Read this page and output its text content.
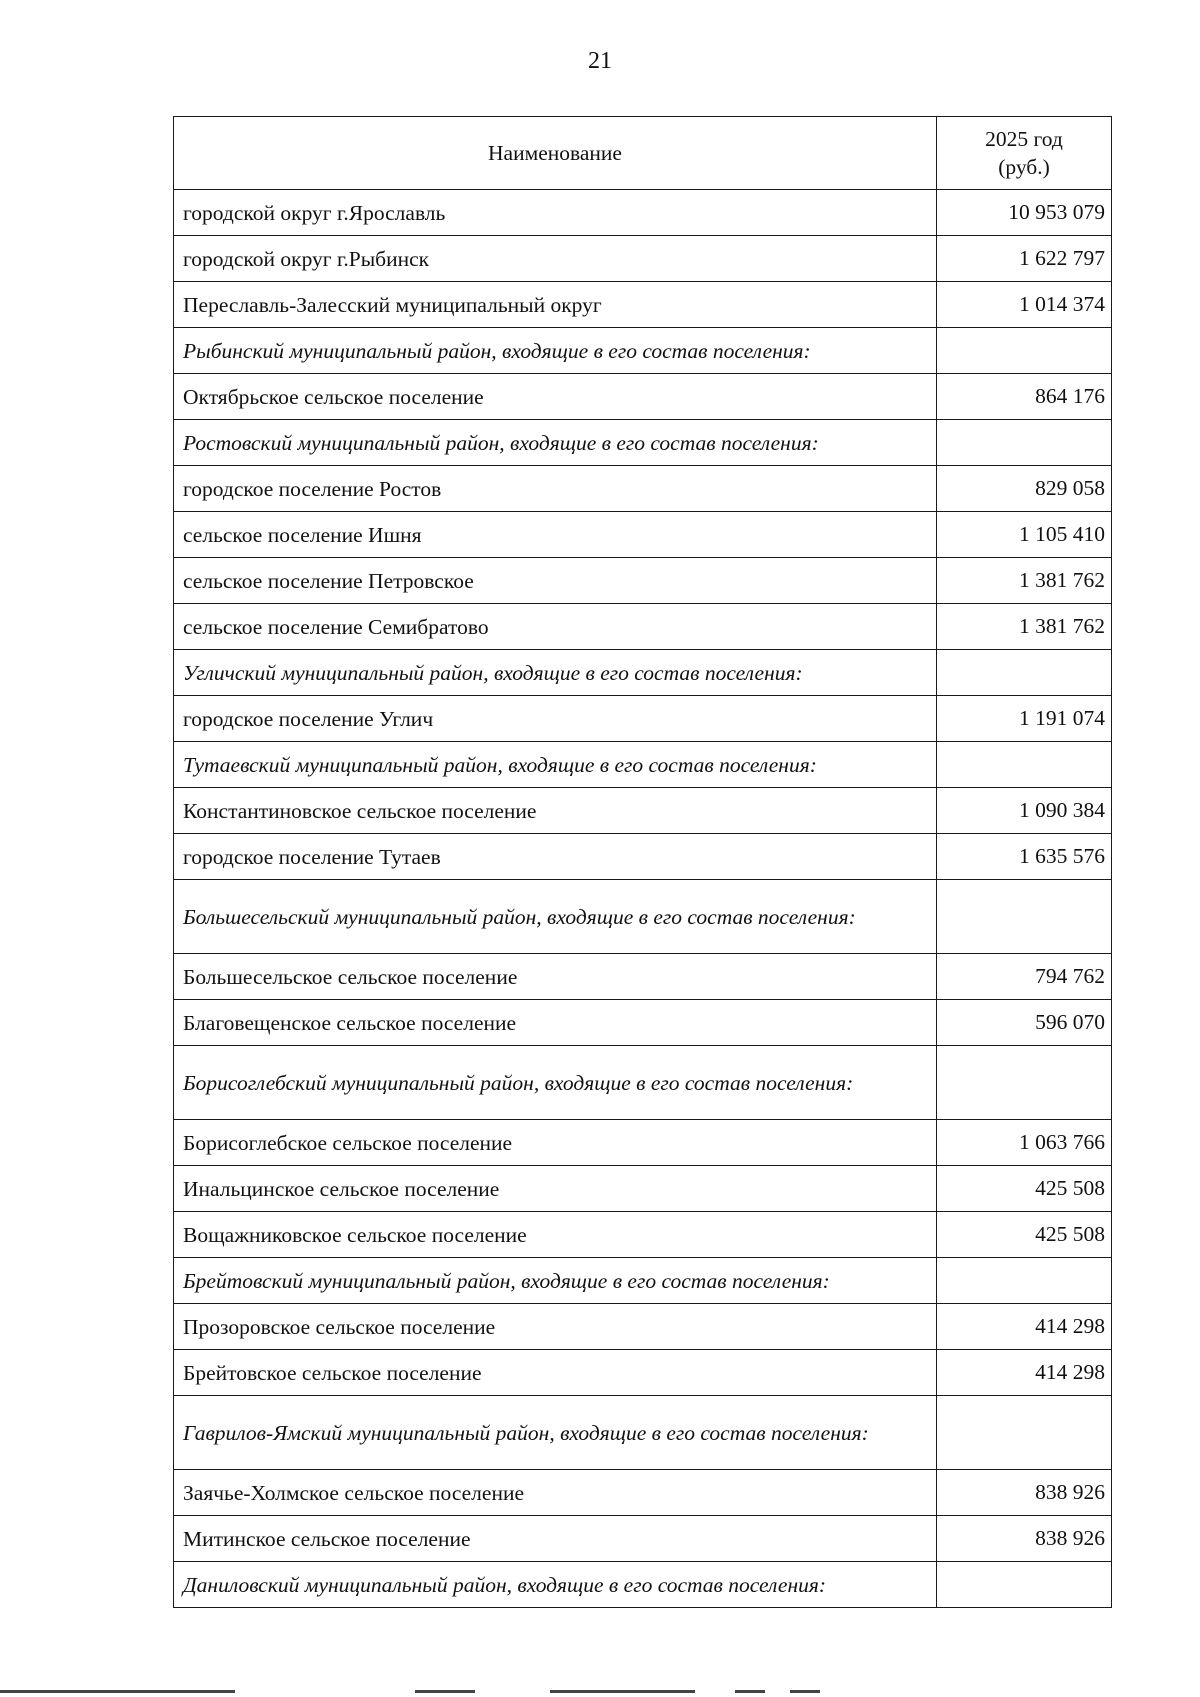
21
Наименование	2025 год
(руб.)

городской округ г.Ярославль	10 953 079
городской округ г.Рыбинск	1 622 797
Переславль-Залесский муниципальный округ	1 014 374
Рыбинский муниципальный район, входящие в его состав поселения:	
Октябрьское сельское поселение	864 176
Ростовский муниципальный район, входящие в его состав поселения:	
городское поселение Ростов	829 058
сельское поселение Ишня	1 105 410
сельское поселение Петровское	1 381 762
сельское поселение Семибратово	1 381 762
Угличский муниципальный район, входящие в его состав поселения:	
городское поселение Углич	1 191 074
Тутаевский муниципальный район, входящие в его состав поселения:	
Константиновское сельское поселение	1 090 384
городское поселение Тутаев	1 635 576
Большесельский муниципальный район, входящие в его состав поселения:	
Большесельское сельское поселение	794 762
Благовещенское сельское поселение	596 070
Борисоглебский муниципальный район, входящие в его состав поселения:	
Борисоглебское сельское поселение	1 063 766
Инальцинское сельское поселение	425 508
Вощажниковское сельское поселение	425 508
Брейтовский муниципальный район, входящие в его состав поселения:	
Прозоровское сельское поселение	414 298
Брейтовское сельское поселение	414 298
Гаврилов-Ямский муниципальный район, входящие в его состав поселения:	
Заячье-Холмское сельское поселение	838 926
Митинское сельское поселение	838 926
Даниловский муниципальный район, входящие в его состав поселения:	
